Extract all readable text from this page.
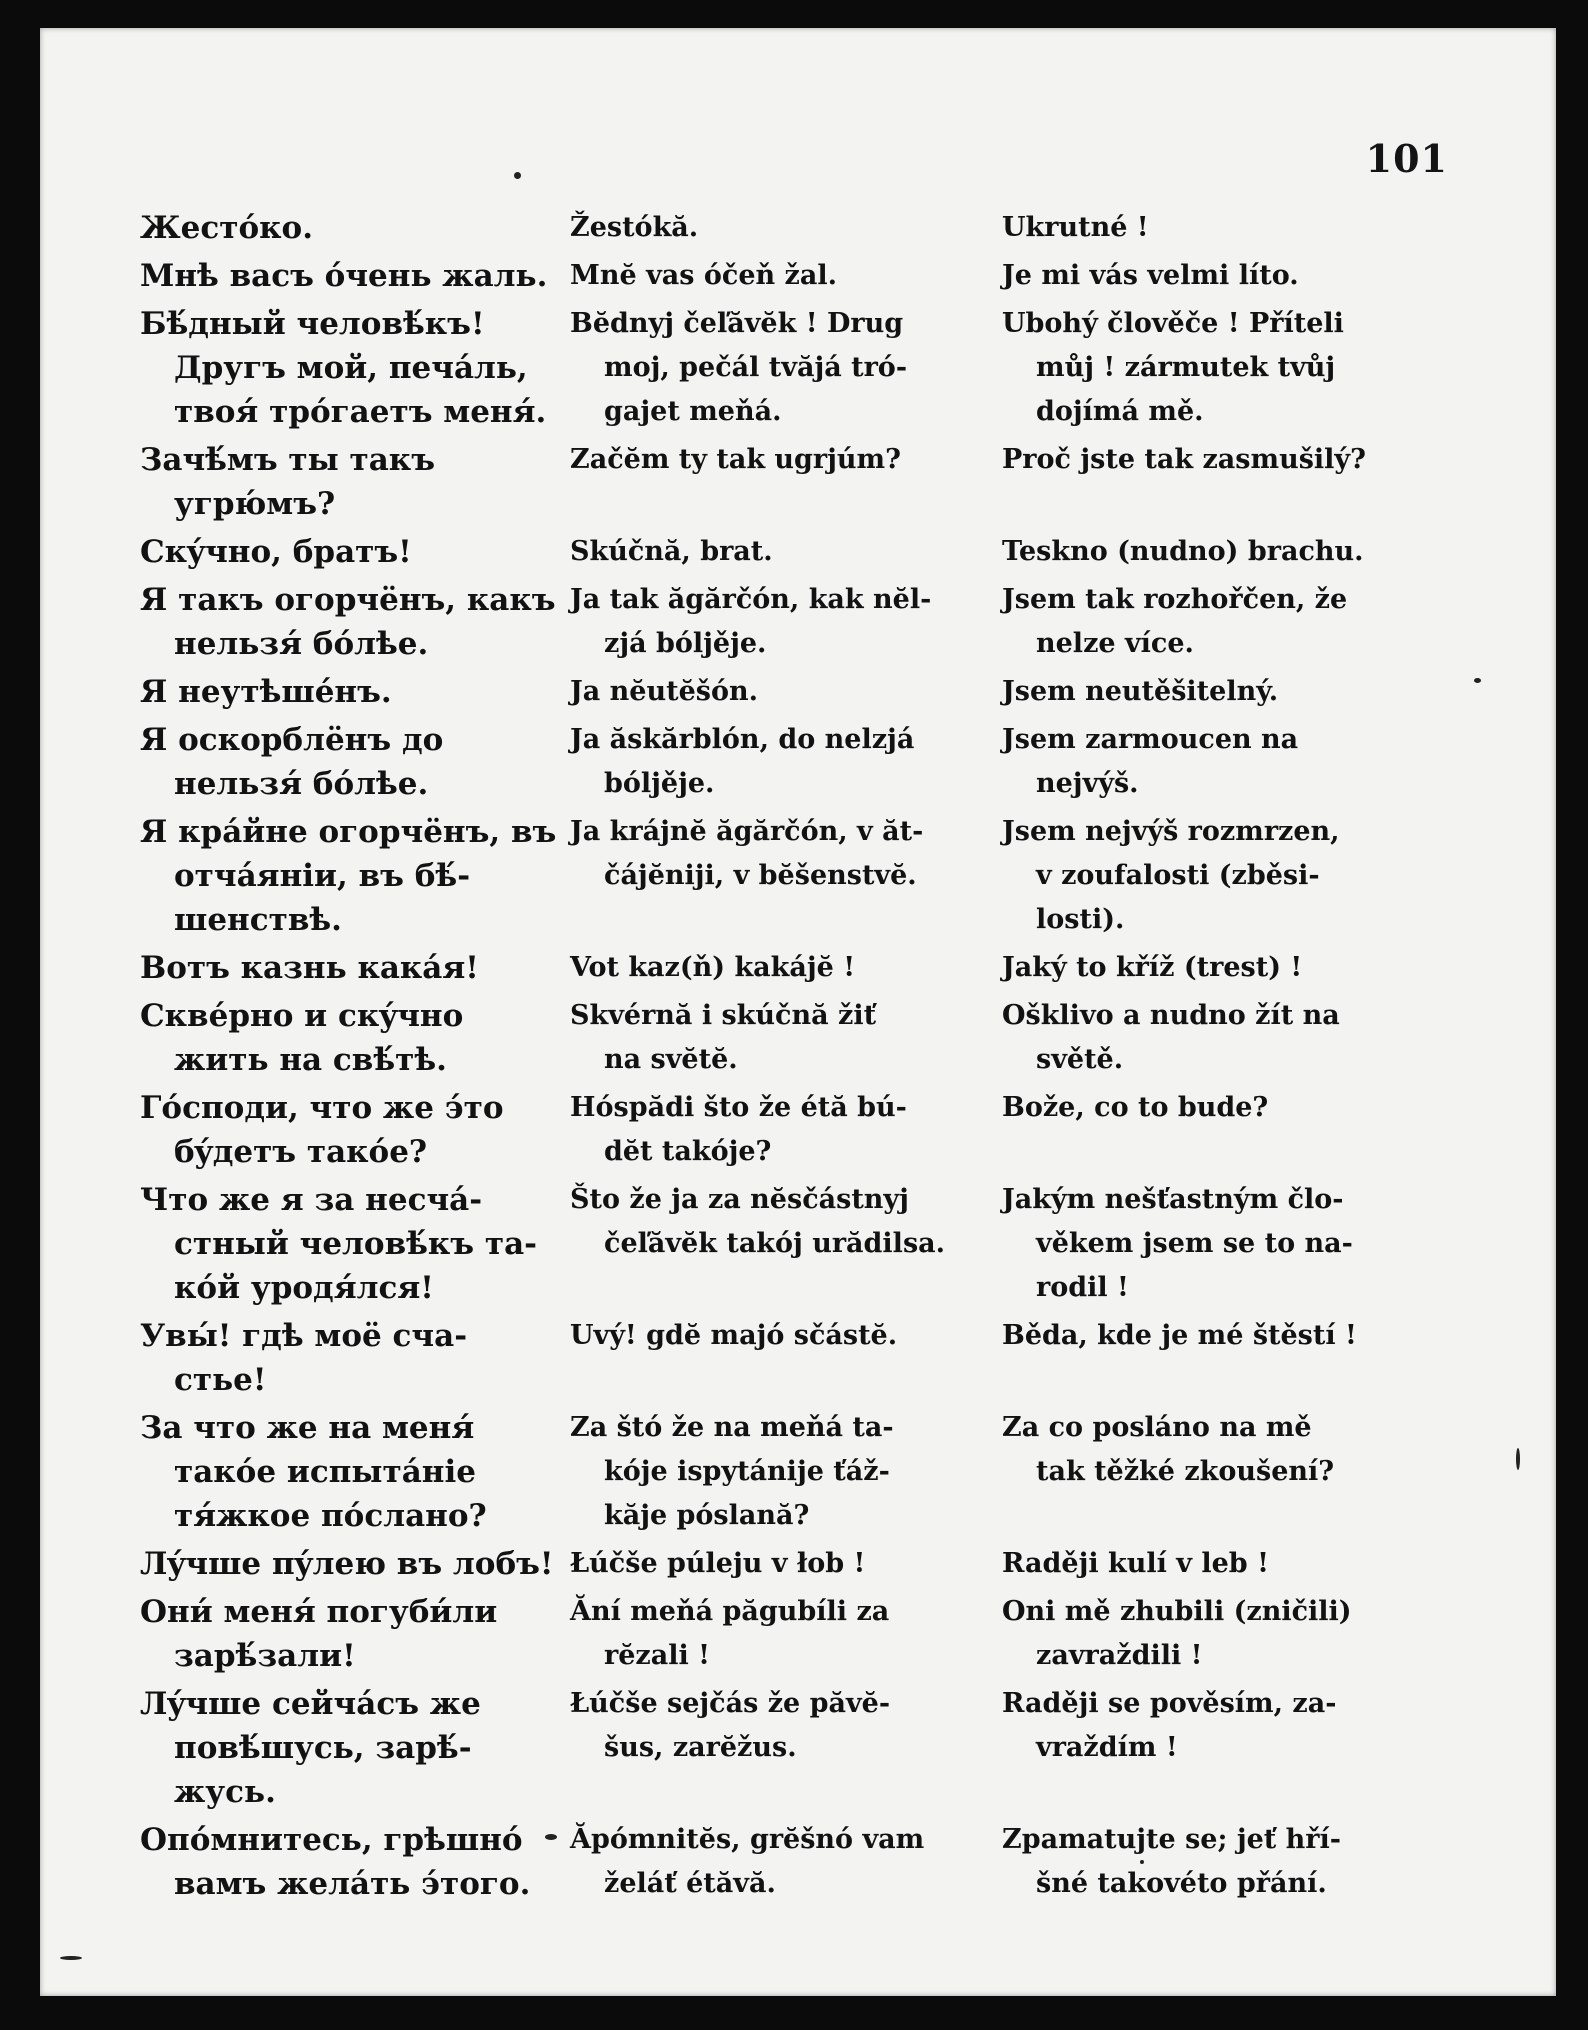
101
Жестóко.
Мнѣ васъ óчень жаль.
Бѣ́дный человѣ́къ!
Другъ мой, печáль,
твоя́ трóгаетъ меня́.
Зачѣ́мъ ты такъ
угрю́мъ?
Скýчно, братъ!
Я такъ огорчёнъ, какъ
нельзя́ бóлѣе.
Я неутѣшéнъ.
Я оскорблёнъ до
нельзя́ бóлѣе.
Я крáйне огорчёнъ, въ
отчáяніи, въ бѣ́-
шенствѣ.
Вотъ казнь какáя!
Сквéрно и скýчно
жить на свѣ́тѣ.
Гóсподи, что же э́то
бýдетъ такóе?
Что же я за несчá-
стный человѣ́къ та-
кóй уродя́лся!
Увы́! гдѣ моё сча-
стье!
За что же на меня́
такóе испытáніе
тя́жкое пóслано?
Лýчше пýлею въ лобъ!
Они́ меня́ погуби́ли
зарѣ́зали!
Лýчше сейчáсъ же
повѣ́шусь, зарѣ́-
жусь.
Опóмнитесь, грѣшнó
вамъ желáть э́того.
Žestókă.
Mnĕ vas óčeň žal.
Bĕdnyj čeľăvĕk ! Drug
moj, pečál tvăjá tró-
gajet meňá.
Začĕm ty tak ugrjúm?
Skúčnă, brat.
Ja tak ăgărčón, kak nĕl-
zjá bóljěje.
Ja nĕutĕšón.
Ja ăskărblón, do nelzjá
bóljěje.
Ja krájnĕ ăgărčón, v ăt-
čájĕniji, v bĕšenstvĕ.
Vot kaz(ň) kakájĕ !
Skvérnă i skúčnă žiť
na svĕtĕ.
Hóspădi što že étă bú-
dĕt takóje?
Što že ja za nĕsčástnyj
čeľăvĕk takój urădilsa.
Uvý! gdĕ majó sčástĕ.
Za štó že na meňá ta-
kóje ispytánije ťáž-
kăje póslană?
Łúčše púleju v łob !
Ăní meňá păgubíli za
rĕzali !
Łúčše sejčás že păvĕ-
šus, zarĕžus.
Ăpómnitĕs, grĕšnó vam
želáť étăvă.
Ukrutné !
Je mi vás velmi líto.
Ubohý člověče ! Příteli
můj ! zármutek tvůj
dojímá mě.
Proč jste tak zasmušilý?
Teskno (nudno) brachu.
Jsem tak rozhořčen, že
nelze více.
Jsem neutěšitelný.
Jsem zarmoucen na
nejvýš.
Jsem nejvýš rozmrzen,
v zoufalosti (zběsi-
losti).
Jaký to kříž (trest) !
Ošklivo a nudno žít na
světě.
Bože, co to bude?
Jakým nešťastným člo-
věkem jsem se to na-
rodil !
Běda, kde je mé štěstí !
Za co posláno na mě
tak těžké zkoušení?
Raději kulí v leb !
Oni mě zhubili (zničili)
zavraždili !
Raději se pověsím, za-
vraždím !
Zpamatujte se; jeť hří-
šné takovéto přání.
